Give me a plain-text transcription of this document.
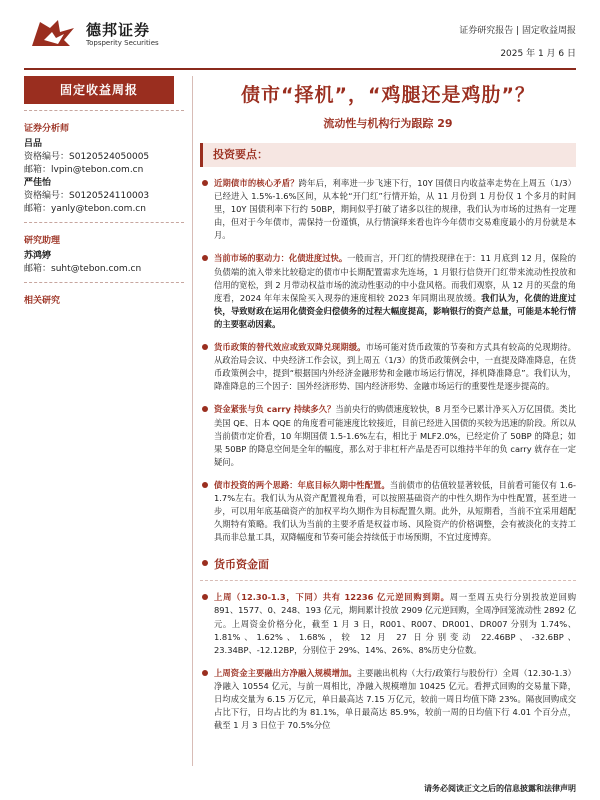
德邦证券
Topsperity Securities
证券研究报告 | 固定收益周报
2025 年 1 月 6 日
固定收益周报
证券分析师
吕品
资格编号：S0120524050005
邮箱：lvpin@tebon.com.cn
严佳怡
资格编号：S0120524110003
邮箱：yanly@tebon.com.cn
研究助理
苏鸿婷
邮箱：suht@tebon.com.cn
相关研究
债市“择机”，“鸡腿还是鸡肋”？
流动性与机构行为跟踪 29
投资要点：
近期债市的核心矛盾？跨年后，利率进一步飞速下行，10Y 国债日内收益率走势在上周五（1/3）已经进入 1.5%-1.6%区间，从本轮“开门红”行情开始，从 11 月份到 1 月份仅 1 个多月的时间里，10Y 国债利率下行约 50BP，期间似乎打破了诸多以往的规律，我们认为市场的过热有一定理由，但对于今年债市，需保持一份谨慎，从行情演绎来看也许今年债市交易难度最小的月份就是本月。
当前市场的驱动力：化债进度过快。一般而言，开门红的情投现律在于：11 月底到 12 月，保险的负债端的流入带来比较稳定的债市中长期配置需求先连场，1 月银行信贷开门红带来流动性投放和信用的宽松，到 2 月带动权益市场的流动性驱动的中小盘风格。而我们观察，从 12 月的买盘的角度看，2024 年年末保险买入现券的速度相较 2023 年同期出现放缓。我们认为，化债的进度过快，导致财政在运用化债资金归偿债务的过程大幅度提高，影响银行的资产总量，可能是本轮行情的主要驱动因素。
货币政策的替代效应或致双降兑现期缓。市场可能对货币政策的节奏和方式具有较高的兑现期待。从政治局会议、中央经济工作会议，到上周五（1/3）的货币政策例会中，一直提及降准降息，在货币政策例会中，提到“根据国内外经济金融形势和金融市场运行情况，择机降准降息”。我们认为，降准降息的三个因子：国外经济形势、国内经济形势、金融市场运行的重要性是逐步提高的。
资金紧张与负 carry 持续多久？当前央行的购债速度较快，8 月至今已累计净买入万亿国债。类比美国 QE、日本 QQE 的角度看可能速度比较接近，目前已经进入国债的买较为迅速的阶段。所以从当前债市定价看，10 年期国债 1.5-1.6%左右，相比于 MLF2.0%，已经定价了 50BP 的降息；如果 50BP 的降息空间是全年的幅度，那么对于非杠杆产品是否可以维持半年的负 carry 就存在一定疑问。
债市投资的两个思路：年底目标久期中性配置。当前债市的估值较显著较低，目前看可能仅有 1.6-1.7%左右。我们认为从资产配置视角看，可以按照基础资产的中性久期作为中性配置，甚至进一步，可以用年底基础资产的加权平均久期作为目标配置久期。此外，从短期看，当前不宜采用超配久期特有策略。我们认为当前的主要矛盾是权益市场、风险资产的价格调整，会有被淡化的支持工具而非总量工具，双降幅度和节奏可能会持续低于市场预期，不宜过度博弈。
货币资金面
上周（12.30-1.3，下同）共有 12236 亿元逆回购到期。周一至周五央行分别投放逆回购 891、1577、0、248、193 亿元，期间累计投放 2909 亿元逆回购，全周净回笼流动性 2892 亿元。上周资金价格分化，截至 1 月 3 日，R001、R007、DR001、DR007 分别为 1.74%、1.81%、1.62%、1.68%，较 12 月 27 日分别变动 22.46BP、-32.6BP、23.34BP、-12.12BP，分别位于 29%、14%、26%、8%历史分位数。
上周资金主要融出方净融入规模增加。主要融出机构（大行/政策行与股份行）全周（12.30-1.3）净融入 10554 亿元，与前一周相比，净融入规模增加 10425 亿元。看押式回购的交易量下降，日均成交量为 6.15 万亿元，单日最高达 7.15 万亿元，较前一周日均值下降 23%。隔夜回购成交占比下行，日均占比约为 81.1%，单日最高达 85.9%，较前一周的日均值下行 4.01 个百分点，截至 1 月 3 日位于 70.5%分位
请务必阅读正文之后的信息披露和法律声明
